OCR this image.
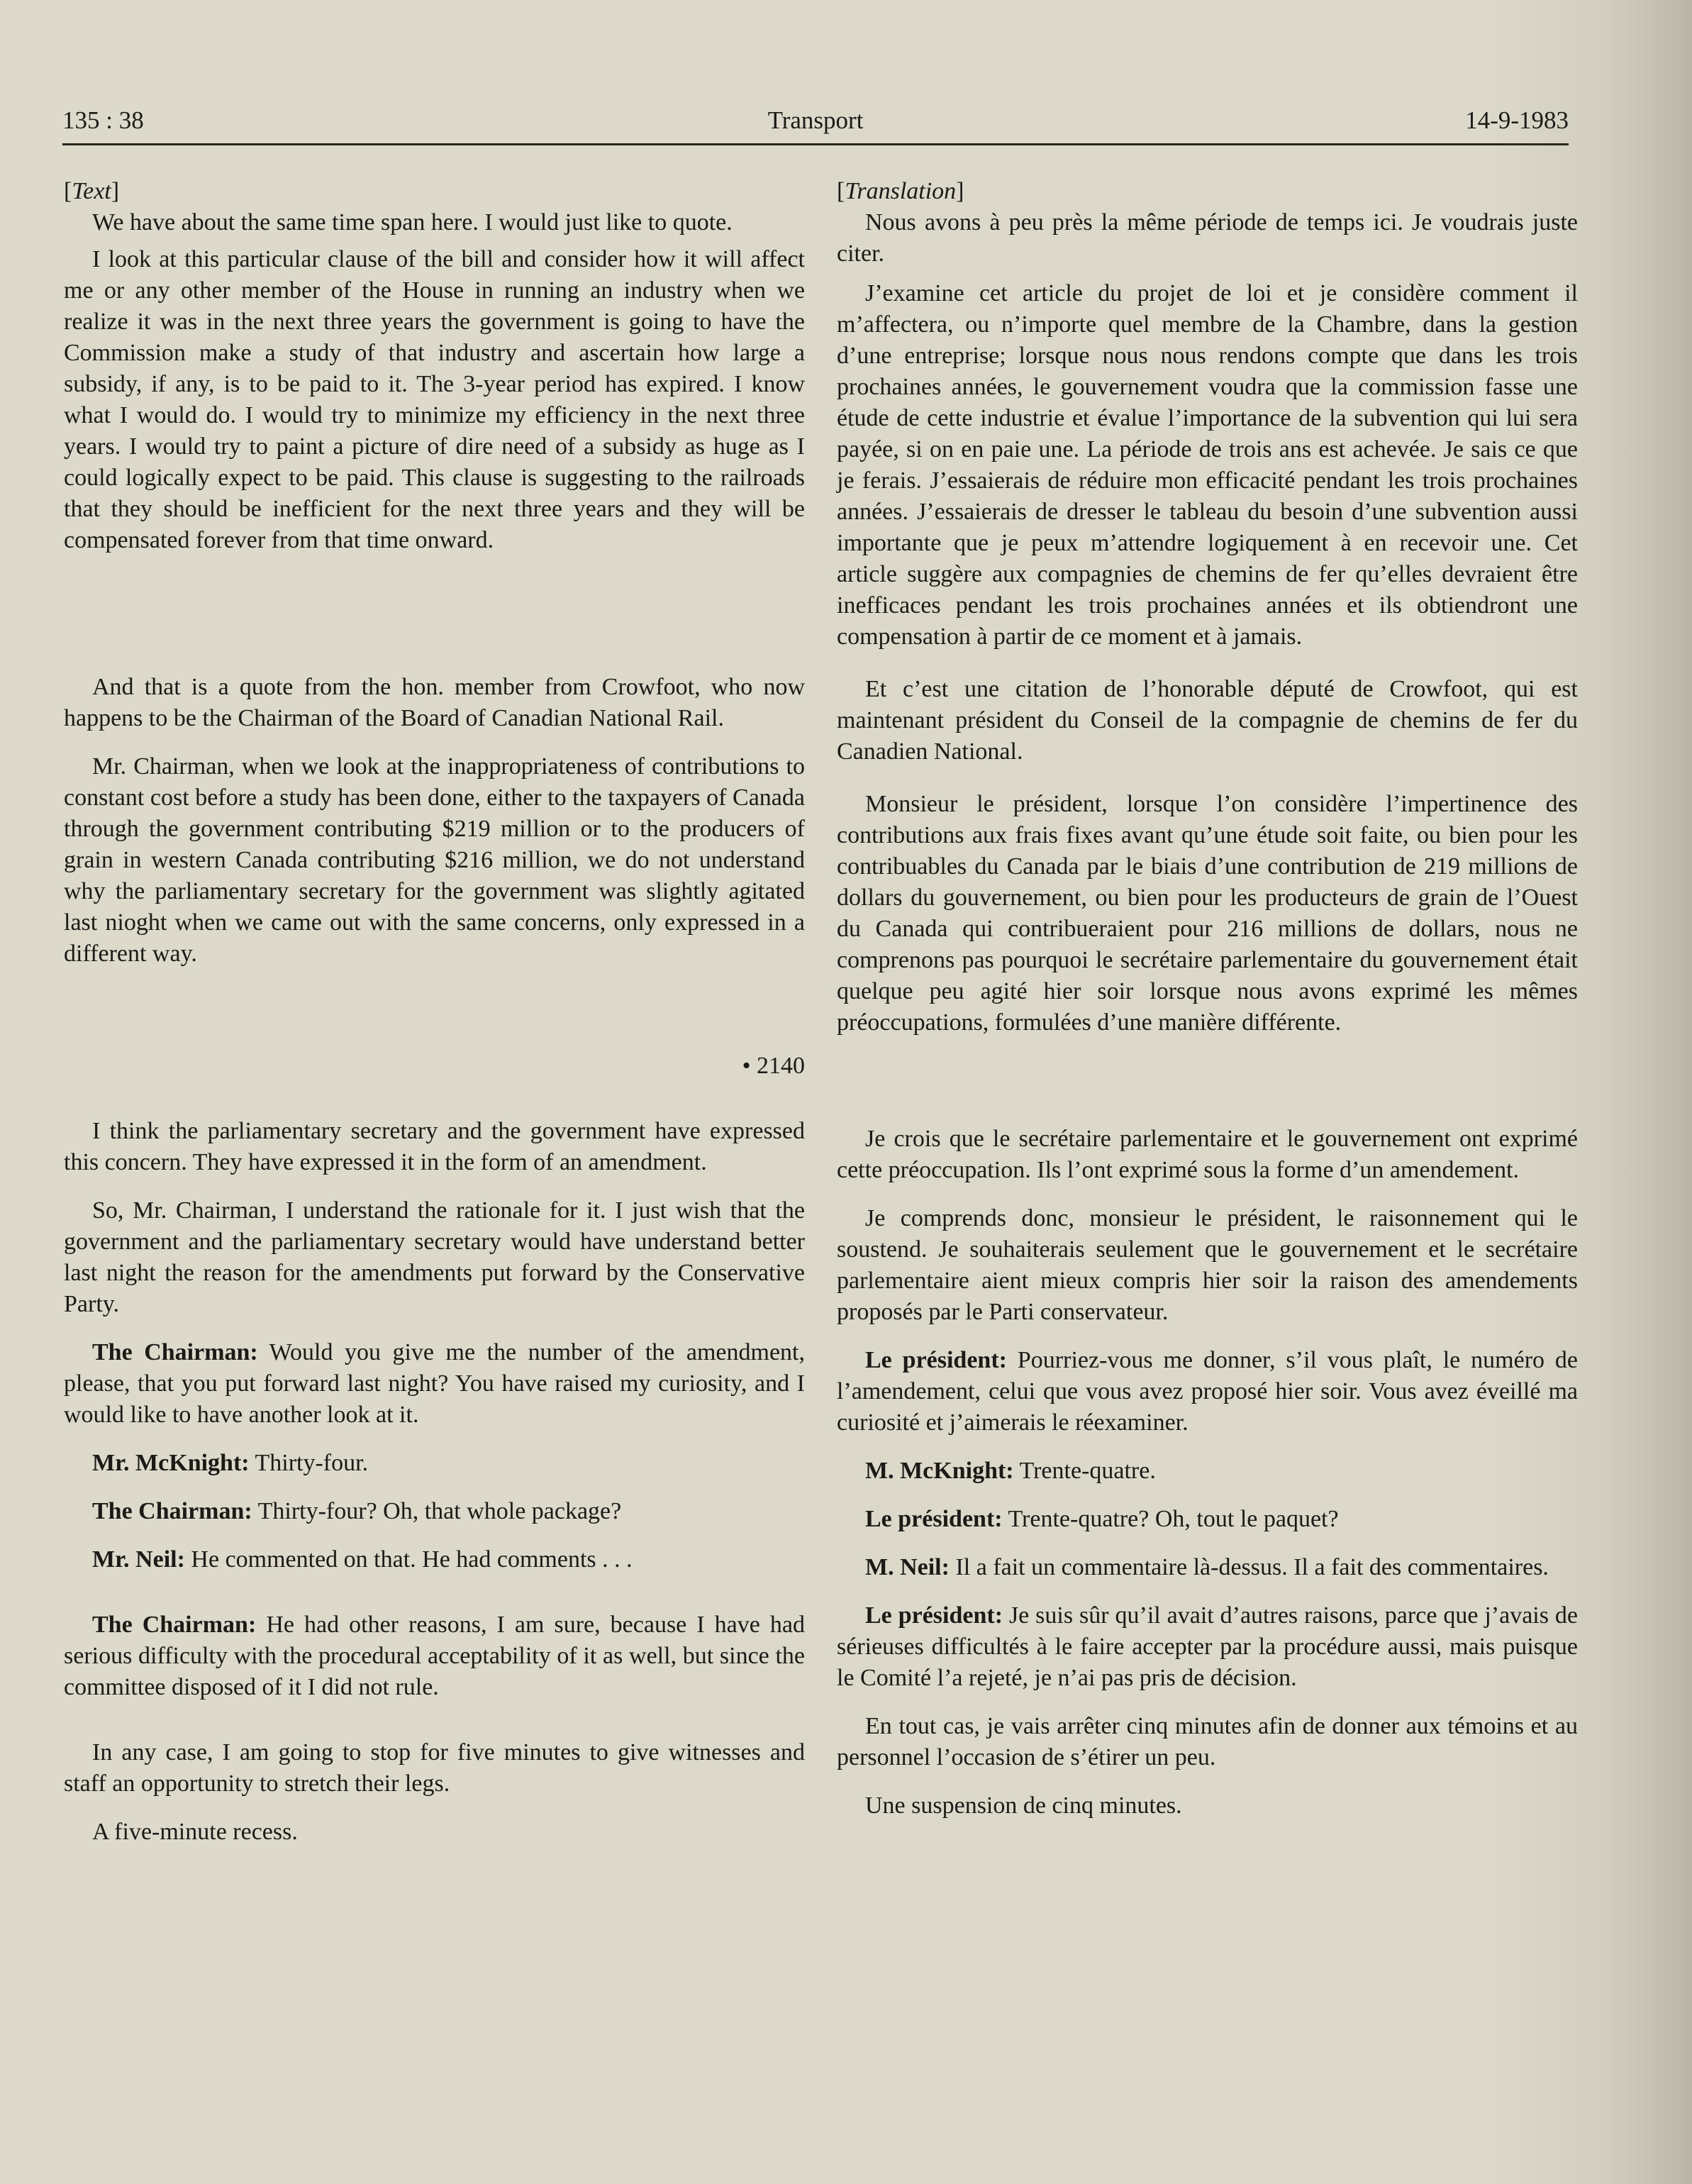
135 : 38	Transport	14-9-1983

[Text]

We have about the same time span here. I would just like to quote.

I look at this particular clause of the bill and consider how it will affect me or any other member of the House in running an industry when we realize it was in the next three years the government is going to have the Commission make a study of that industry and ascertain how large a subsidy, if any, is to be paid to it. The 3-year period has expired. I know what I would do. I would try to minimize my efficiency in the next three years. I would try to paint a picture of dire need of a subsidy as huge as I could logically expect to be paid. This clause is suggesting to the railroads that they should be inefficient for the next three years and they will be compensated forever from that time onward.

And that is a quote from the hon. member from Crowfoot, who now happens to be the Chairman of the Board of Canadian National Rail.

Mr. Chairman, when we look at the inappropriateness of contributions to constant cost before a study has been done, either to the taxpayers of Canada through the government contributing $219 million or to the producers of grain in western Canada contributing $216 million, we do not understand why the parliamentary secretary for the government was slightly agitated last nioght when we came out with the same concerns, only expressed in a different way.

• 2140

I think the parliamentary secretary and the government have expressed this concern. They have expressed it in the form of an amendment.

So, Mr. Chairman, I understand the rationale for it. I just wish that the government and the parliamentary secretary would have understand better last night the reason for the amendments put forward by the Conservative Party.

The Chairman: Would you give me the number of the amendment, please, that you put forward last night? You have raised my curiosity, and I would like to have another look at it.

Mr. McKnight: Thirty-four.

The Chairman: Thirty-four? Oh, that whole package?

Mr. Neil: He commented on that. He had comments . . .

The Chairman: He had other reasons, I am sure, because I have had serious difficulty with the procedural acceptability of it as well, but since the committee disposed of it I did not rule.

In any case, I am going to stop for five minutes to give witnesses and staff an opportunity to stretch their legs.

A five-minute recess.

[Translation]

Nous avons à peu près la même période de temps ici. Je voudrais juste citer.

J’examine cet article du projet de loi et je considère comment il m’affectera, ou n’importe quel membre de la Chambre, dans la gestion d’une entreprise; lorsque nous nous rendons compte que dans les trois prochaines années, le gouvernement voudra que la commission fasse une étude de cette industrie et évalue l’importance de la subvention qui lui sera payée, si on en paie une. La période de trois ans est achevée. Je sais ce que je ferais. J’essaierais de réduire mon efficacité pendant les trois prochaines années. J’essaierais de dresser le tableau du besoin d’une subvention aussi importante que je peux m’attendre logiquement à en recevoir une. Cet article suggère aux compagnies de chemins de fer qu’elles devraient être inefficaces pendant les trois prochaines années et ils obtiendront une compensation à partir de ce moment et à jamais.

Et c’est une citation de l’honorable député de Crowfoot, qui est maintenant président du Conseil de la compagnie de chemins de fer du Canadien National.

Monsieur le président, lorsque l’on considère l’impertinence des contributions aux frais fixes avant qu’une étude soit faite, ou bien pour les contribuables du Canada par le biais d’une contribution de 219 millions de dollars du gouvernement, ou bien pour les producteurs de grain de l’Ouest du Canada qui contribueraient pour 216 millions de dollars, nous ne comprenons pas pourquoi le secrétaire parlementaire du gouvernement était quelque peu agité hier soir lorsque nous avons exprimé les mêmes préoccupations, formulées d’une manière différente.

Je crois que le secrétaire parlementaire et le gouvernement ont exprimé cette préoccupation. Ils l’ont exprimé sous la forme d’un amendement.

Je comprends donc, monsieur le président, le raisonnement qui le soustend. Je souhaiterais seulement que le gouvernement et le secrétaire parlementaire aient mieux compris hier soir la raison des amendements proposés par le Parti conservateur.

Le président: Pourriez-vous me donner, s’il vous plaît, le numéro de l’amendement, celui que vous avez proposé hier soir. Vous avez éveillé ma curiosité et j’aimerais le réexaminer.

M. McKnight: Trente-quatre.

Le président: Trente-quatre? Oh, tout le paquet?

M. Neil: Il a fait un commentaire là-dessus. Il a fait des commentaires.

Le président: Je suis sûr qu’il avait d’autres raisons, parce que j’avais de sérieuses difficultés à le faire accepter par la procédure aussi, mais puisque le Comité l’a rejeté, je n’ai pas pris de décision.

En tout cas, je vais arrêter cinq minutes afin de donner aux témoins et au personnel l’occasion de s’étirer un peu.

Une suspension de cinq minutes.
